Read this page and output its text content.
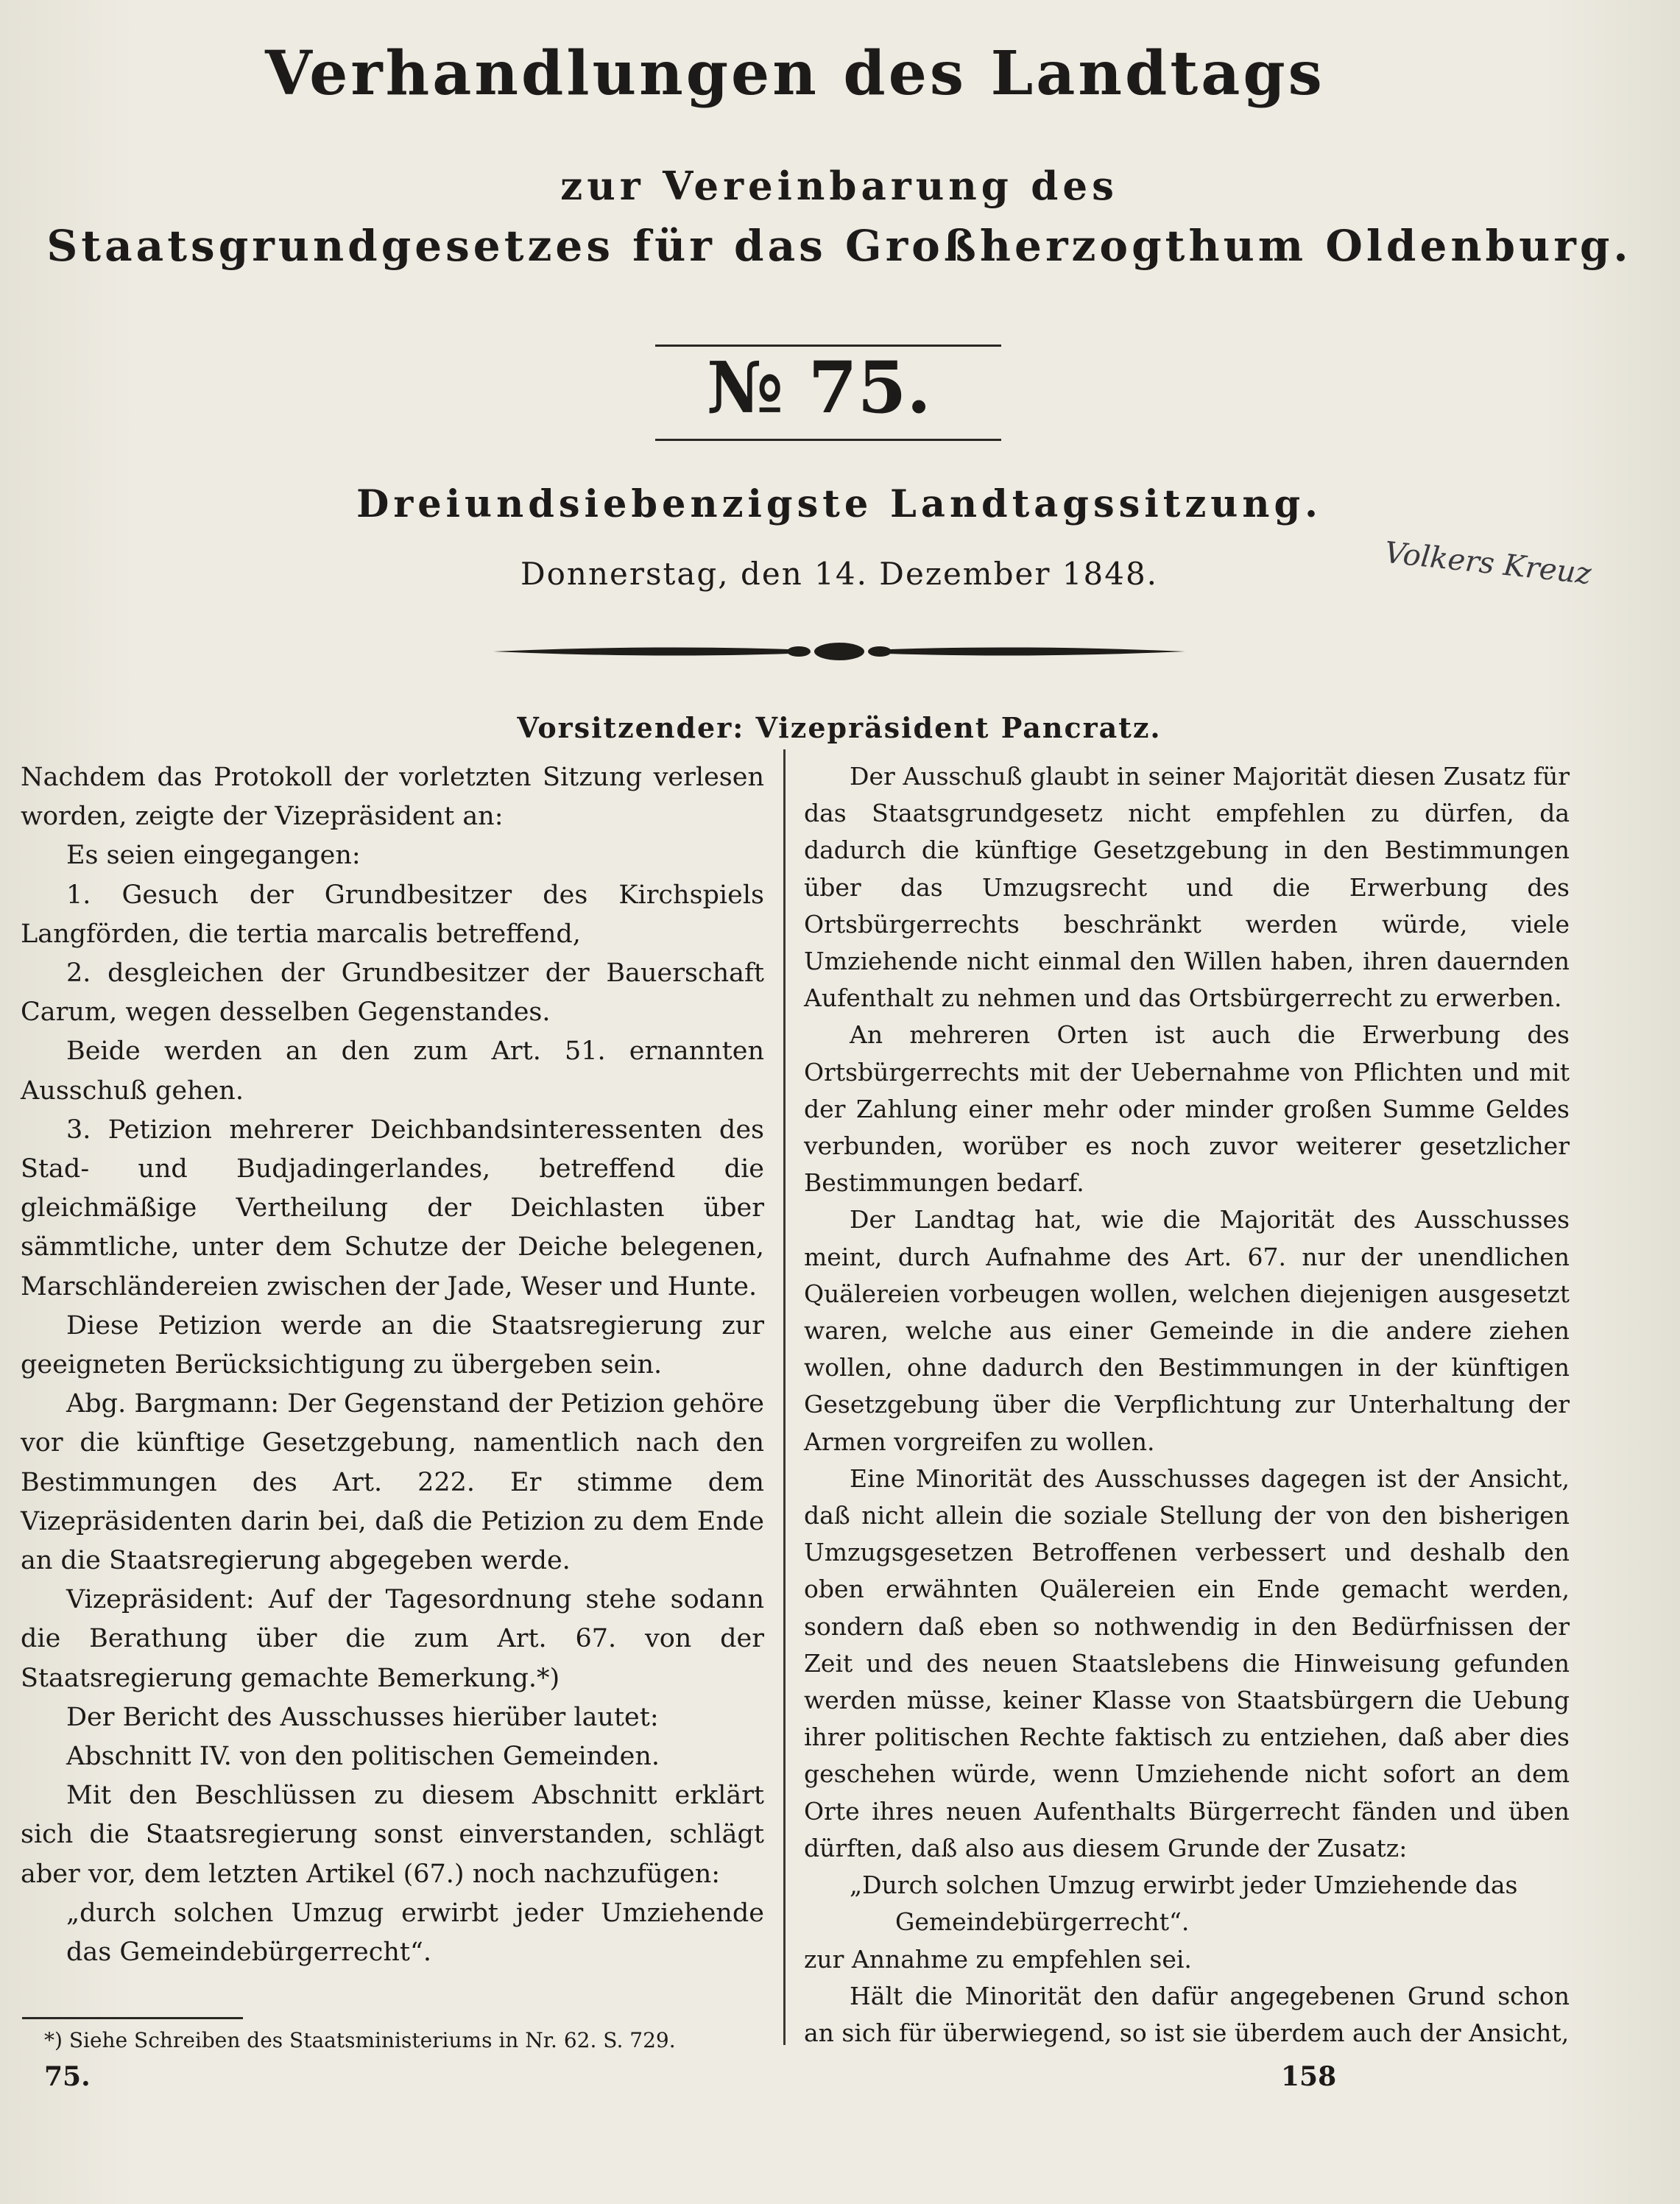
Verhandlungen des Landtags
zur Vereinbarung des
Staatsgrundgesetzes für das Großherzogthum Oldenburg.
№ 75.
Dreiundsiebenzigste Landtagssitzung.
Donnerstag, den 14. Dezember 1848.	Volkers Kreuz
Vorsitzender: Vizepräsident Pancratz.

Nachdem das Protokoll der vorletzten Sitzung verlesen worden, zeigte der Vizepräsident an:

Es seien eingegangen:

1. Gesuch der Grundbesitzer des Kirchspiels Langförden, die tertia marcalis betreffend,

2. desgleichen der Grundbesitzer der Bauerschaft Carum, wegen desselben Gegenstandes.

Beide werden an den zum Art. 51. ernannten Ausschuß gehen.

3. Petizion mehrerer Deichbandsinteressenten des Stad- und Budjadingerlandes, betreffend die gleichmäßige Vertheilung der Deichlasten über sämmtliche, unter dem Schutze der Deiche belegenen, Marschländereien zwischen der Jade, Weser und Hunte.

Diese Petizion werde an die Staatsregierung zur geeigneten Berücksichtigung zu übergeben sein.

Abg. Bargmann: Der Gegenstand der Petizion gehöre vor die künftige Gesetzgebung, namentlich nach den Bestimmungen des Art. 222. Er stimme dem Vizepräsidenten darin bei, daß die Petizion zu dem Ende an die Staatsregierung abgegeben werde.

Vizepräsident: Auf der Tagesordnung stehe sodann die Berathung über die zum Art. 67. von der Staatsregierung gemachte Bemerkung.*)

Der Bericht des Ausschusses hierüber lautet:

Abschnitt IV. von den politischen Gemeinden.

Mit den Beschlüssen zu diesem Abschnitt erklärt sich die Staatsregierung sonst einverstanden, schlägt aber vor, dem letzten Artikel (67.) noch nachzufügen:

„durch solchen Umzug erwirbt jeder Umziehende das Gemeindebürgerrecht“.

Der Ausschuß glaubt in seiner Majorität diesen Zusatz für das Staatsgrundgesetz nicht empfehlen zu dürfen, da dadurch die künftige Gesetzgebung in den Bestimmungen über das Umzugsrecht und die Erwerbung des Ortsbürgerrechts beschränkt werden würde, viele Umziehende nicht einmal den Willen haben, ihren dauernden Aufenthalt zu nehmen und das Ortsbürgerrecht zu erwerben.

An mehreren Orten ist auch die Erwerbung des Ortsbürgerrechts mit der Uebernahme von Pflichten und mit der Zahlung einer mehr oder minder großen Summe Geldes verbunden, worüber es noch zuvor weiterer gesetzlicher Bestimmungen bedarf.

Der Landtag hat, wie die Majorität des Ausschusses meint, durch Aufnahme des Art. 67. nur der unendlichen Quälereien vorbeugen wollen, welchen diejenigen ausgesetzt waren, welche aus einer Gemeinde in die andere ziehen wollen, ohne dadurch den Bestimmungen in der künftigen Gesetzgebung über die Verpflichtung zur Unterhaltung der Armen vorgreifen zu wollen.

Eine Minorität des Ausschusses dagegen ist der Ansicht, daß nicht allein die soziale Stellung der von den bisherigen Umzugsgesetzen Betroffenen verbessert und deshalb den oben erwähnten Quälereien ein Ende gemacht werden, sondern daß eben so nothwendig in den Bedürfnissen der Zeit und des neuen Staatslebens die Hinweisung gefunden werden müsse, keiner Klasse von Staatsbürgern die Uebung ihrer politischen Rechte faktisch zu entziehen, daß aber dies geschehen würde, wenn Umziehende nicht sofort an dem Orte ihres neuen Aufenthalts Bürgerrecht fänden und üben dürften, daß also aus diesem Grunde der Zusatz:

„Durch solchen Umzug erwirbt jeder Umziehende das

Gemeindebürgerrecht“.

zur Annahme zu empfehlen sei.

Hält die Minorität den dafür angegebenen Grund schon an sich für überwiegend, so ist sie überdem auch der Ansicht,

*) Siehe Schreiben des Staatsministeriums in Nr. 62. S. 729.
75.	158
